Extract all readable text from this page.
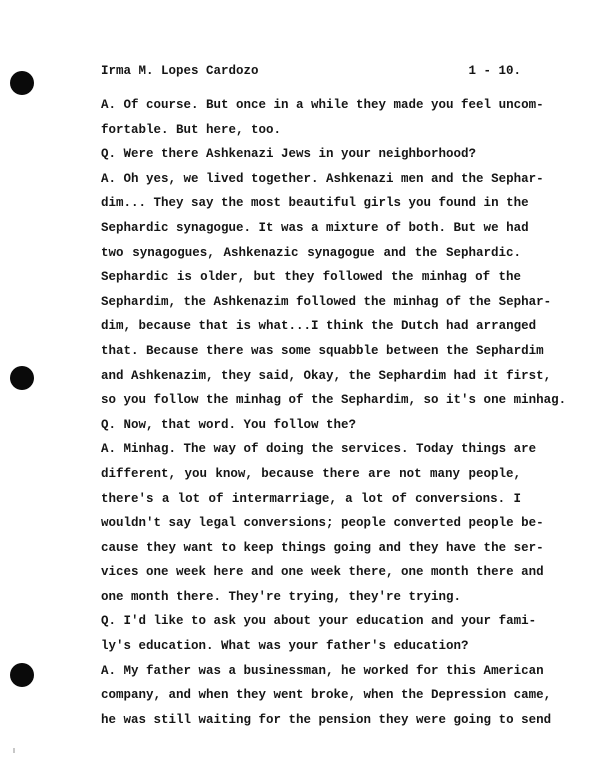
Irma M. Lopes Cardozo	1 - 10.
A. Of course. But once in a while they made you feel uncom-
fortable. But here, too.
Q. Were there Ashkenazi Jews in your neighborhood?
A. Oh yes, we lived together. Ashkenazi men and the Sephar-
dim... They say the most beautiful girls you found in the
Sephardic synagogue. It was a mixture of both. But we had
two synagogues, Ashkenazic synagogue and the Sephardic.
Sephardic is older, but they followed the minhag of the
Sephardim, the Ashkenazim followed the minhag of the Sephar-
dim, because that is what...I think the Dutch had arranged
that. Because there was some squabble between the Sephardim
and Ashkenazim, they said, Okay, the Sephardim had it first,
so you follow the minhag of the Sephardim, so it's one minhag.
Q. Now, that word. You follow the?
A. Minhag. The way of doing the services. Today things are
different, you know, because there are not many people,
there's a lot of intermarriage, a lot of conversions. I
wouldn't say legal conversions; people converted people be-
cause they want to keep things going and they have the ser-
vices one week here and one week there, one month there and
one month there. They're trying, they're trying.
Q. I'd like to ask you about your education and your fami-
ly's education. What was your father's education?
A. My father was a businessman, he worked for this American
company, and when they went broke, when the Depression came,
he was still waiting for the pension they were going to send
